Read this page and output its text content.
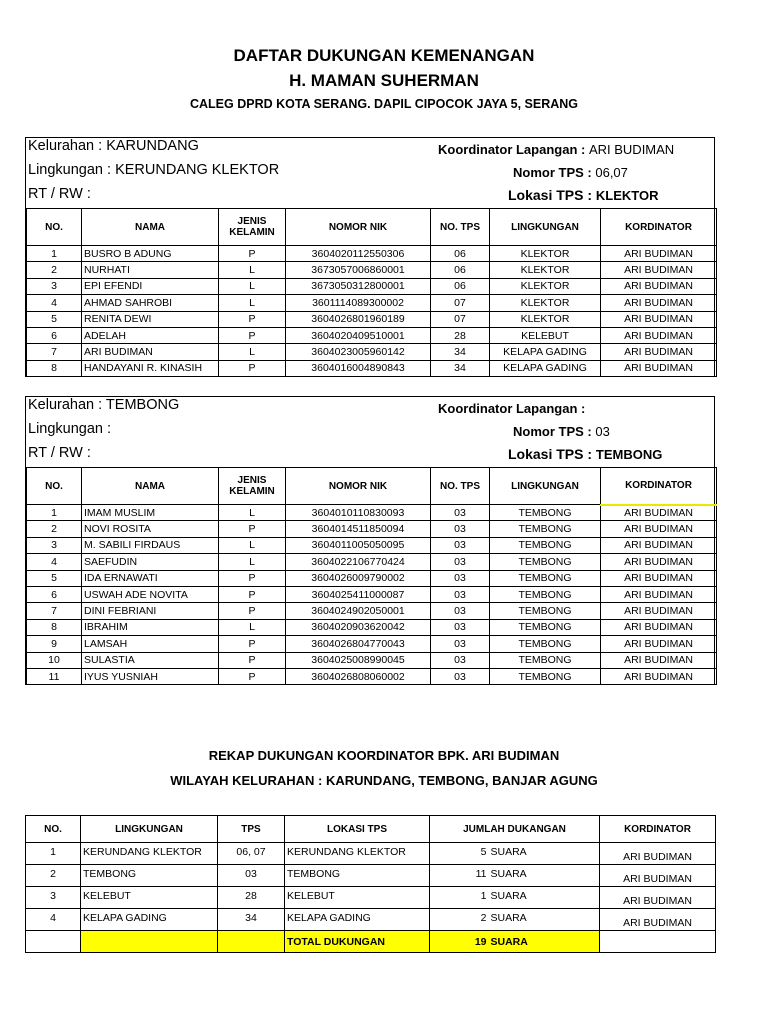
DAFTAR DUKUNGAN KEMENANGAN
H. MAMAN SUHERMAN
CALEG DPRD KOTA SERANG. DAPIL CIPOCOK JAYA 5, SERANG
Kelurahan : KARUNDANG
Lingkungan : KERUNDANG KLEKTOR
RT / RW :
Koordinator Lapangan : ARI BUDIMAN
Nomor TPS : 06,07
Lokasi TPS : KLEKTOR
NO.	NAMA	JENIS KELAMIN	NOMOR NIK	NO. TPS	LINGKUNGAN	KORDINATOR
1	BUSRO B ADUNG	P	3604020112550306	06	KLEKTOR	ARI BUDIMAN
2	NURHATI	L	3673057006860001	06	KLEKTOR	ARI BUDIMAN
3	EPI EFENDI	L	3673050312800001	06	KLEKTOR	ARI BUDIMAN
4	AHMAD SAHROBI	L	3601114089300002	07	KLEKTOR	ARI BUDIMAN
5	RENITA DEWI	P	3604026801960189	07	KLEKTOR	ARI BUDIMAN
6	ADELAH	P	3604020409510001	28	KELEBUT	ARI BUDIMAN
7	ARI BUDIMAN	L	3604023005960142	34	KELAPA GADING	ARI BUDIMAN
8	HANDAYANI R. KINASIH	P	3604016004890843	34	KELAPA GADING	ARI BUDIMAN
Kelurahan : TEMBONG
Lingkungan :
RT / RW :
Koordinator Lapangan :
Nomor TPS : 03
Lokasi TPS : TEMBONG
NO.	NAMA	JENIS KELAMIN	NOMOR NIK	NO. TPS	LINGKUNGAN	KORDINATOR
1	IMAM MUSLIM	L	3604010110830093	03	TEMBONG	ARI BUDIMAN
2	NOVI ROSITA	P	3604014511850094	03	TEMBONG	ARI BUDIMAN
3	M. SABILI FIRDAUS	L	3604011005050095	03	TEMBONG	ARI BUDIMAN
4	SAEFUDIN	L	3604022106770424	03	TEMBONG	ARI BUDIMAN
5	IDA ERNAWATI	P	3604026009790002	03	TEMBONG	ARI BUDIMAN
6	USWAH ADE NOVITA	P	3604025411000087	03	TEMBONG	ARI BUDIMAN
7	DINI FEBRIANI	P	3604024902050001	03	TEMBONG	ARI BUDIMAN
8	IBRAHIM	L	3604020903620042	03	TEMBONG	ARI BUDIMAN
9	LAMSAH	P	3604026804770043	03	TEMBONG	ARI BUDIMAN
10	SULASTIA	P	3604025008990045	03	TEMBONG	ARI BUDIMAN
11	IYUS YUSNIAH	P	3604026808060002	03	TEMBONG	ARI BUDIMAN
REKAP DUKUNGAN KOORDINATOR BPK. ARI BUDIMAN
WILAYAH KELURAHAN : KARUNDANG, TEMBONG, BANJAR AGUNG
NO.	LINGKUNGAN	TPS	LOKASI TPS	JUMLAH DUKANGAN		KORDINATOR
1	KERUNDANG KLEKTOR	06, 07	KERUNDANG KLEKTOR	5	SUARA	ARI BUDIMAN
2	TEMBONG	03	TEMBONG	11	SUARA	ARI BUDIMAN
3	KELEBUT	28	KELEBUT	1	SUARA	ARI BUDIMAN
4	KELAPA GADING	34	KELAPA GADING	2	SUARA	ARI BUDIMAN
			TOTAL DUKUNGAN	19	SUARA	
